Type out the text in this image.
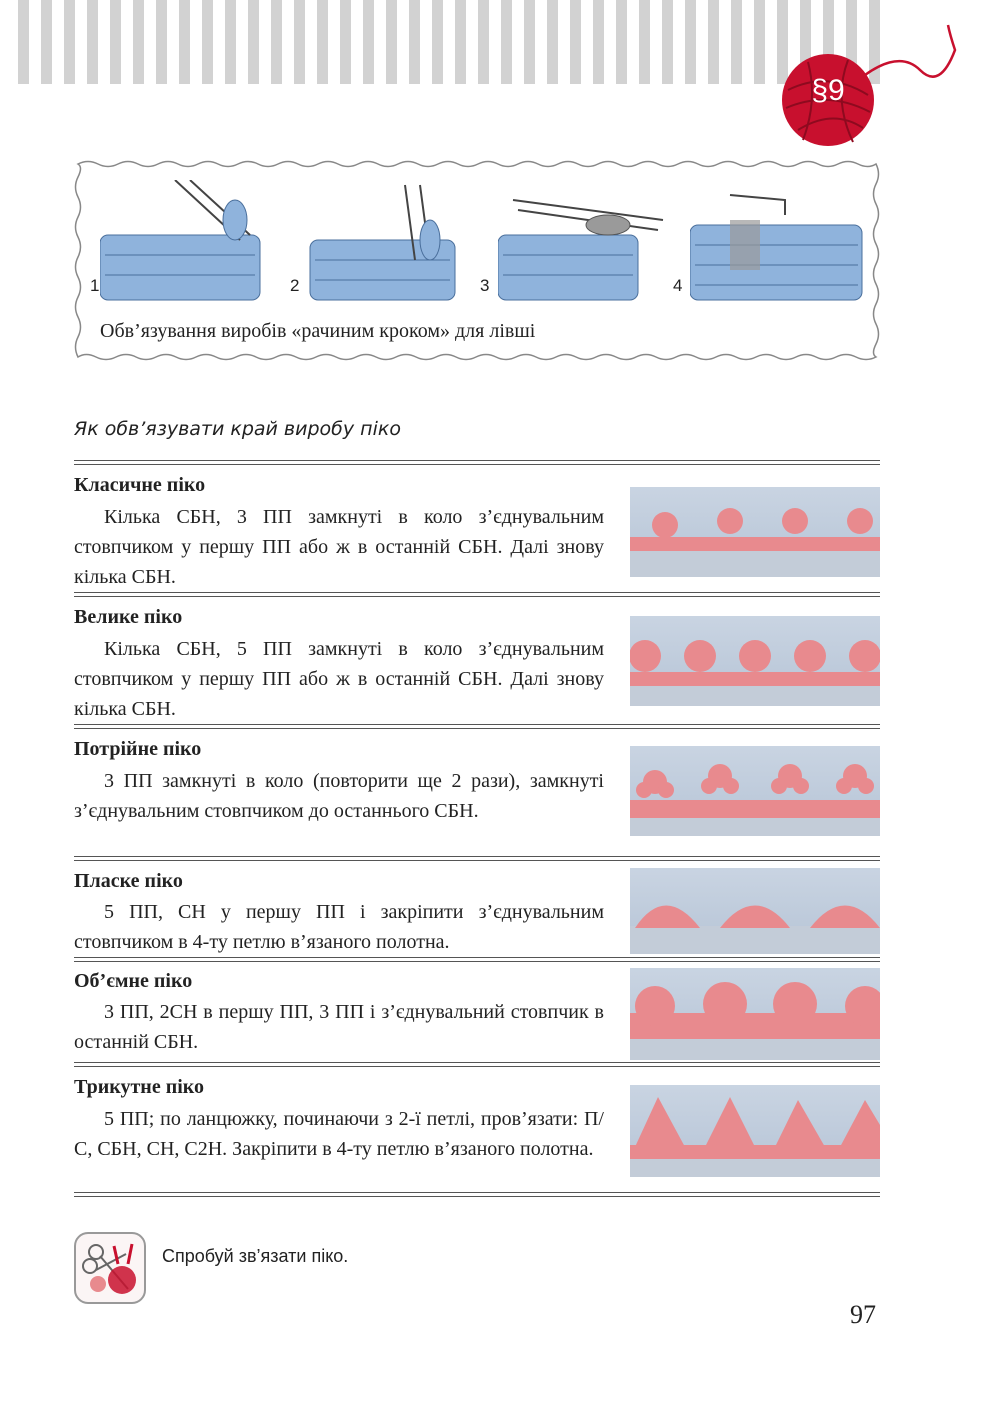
§9
1	2	3	4
Обв’язування виробів «рачиним кроком» для лівші
Як обв’язувати край виробу піко
Класичне піко
Кілька СБН, 3 ПП замкнуті в коло з’єднувальним стовпчиком у першу ПП або ж в останній СБН. Далі знову кілька СБН.
Велике піко
Кілька СБН, 5 ПП замкнуті в коло з’єднувальним стовпчиком у першу ПП або ж в останній СБН. Далі знову кілька СБН.
Потрійне піко
3 ПП замкнуті в коло (повторити ще 2 рази), замкнуті з’єднувальним стовпчиком до останнього СБН.
Пласке піко
5 ПП, СН у першу ПП і закріпити з’єднувальним стовпчиком в 4-ту петлю в’язаного полотна.
Об’ємне піко
3 ПП, 2СН в першу ПП, 3 ПП і з’єднувальний стовпчик в останній СБН.
Трикутне піко
5 ПП; по ланцюжку, починаючи з 2-ї петлі, пров’язати: П/С, СБН, СН, С2Н. Закріпити в 4-ту петлю в’язаного полотна.
Спробуй зв’язати піко.
97
